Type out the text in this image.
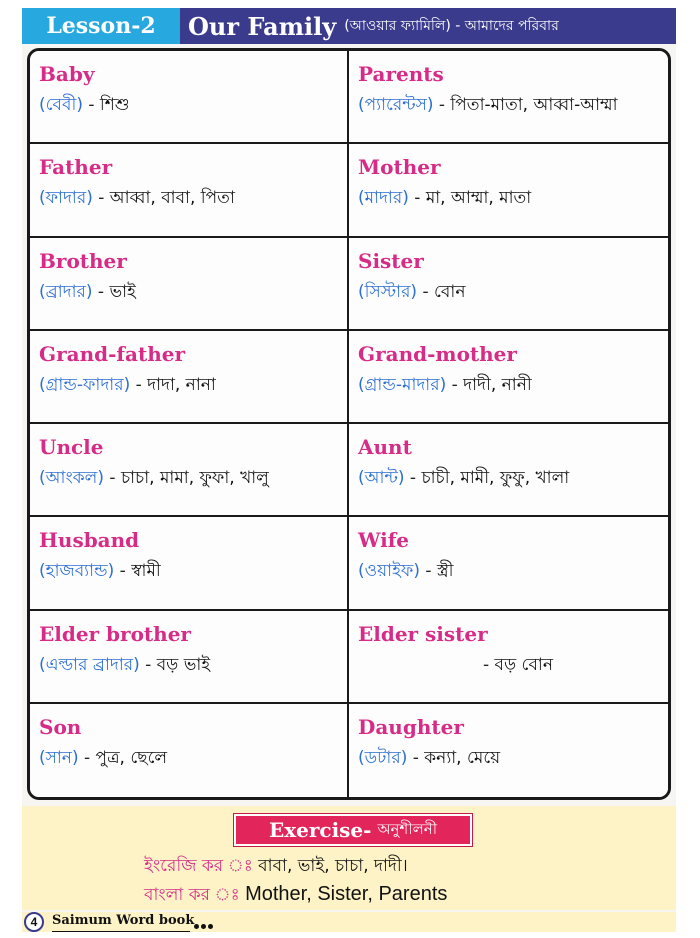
Lesson-2	Our Family (আওয়ার ফ্যামিলি) - আমাদের পরিবার
Baby
(বেবী) - শিশু
Parents
(প্যারেন্টস) - পিতা-মাতা, আব্বা-আম্মা
Father
(ফাদার) - আব্বা, বাবা, পিতা
Mother
(মাদার) - মা, আম্মা, মাতা
Brother
(ব্রাদার) - ভাই
Sister
(সিস্টার) - বোন
Grand-father
(গ্রান্ড-ফাদার) - দাদা, নানা
Grand-mother
(গ্রান্ড-মাদার) - দাদী, নানী
Uncle
(আংকল) - চাচা, মামা, ফুফা, খালু
Aunt
(আন্ট) - চাচী, মামী, ফুফু, খালা
Husband
(হাজব্যান্ড) - স্বামী
Wife
(ওয়াইফ) - স্ত্রী
Elder brother
(এল্ডার ব্রাদার) - বড় ভাই
Elder sister
- বড় বোন
Son
(সান) - পুত্র, ছেলে
Daughter
(ডটার) - কন্যা, মেয়ে
Exercise- অনুশীলনী
ইংরেজি কর ঃ বাবা, ভাই, চাচা, দাদী।
বাংলা কর ঃ Mother, Sister, Parents
4	Saimum Word book
